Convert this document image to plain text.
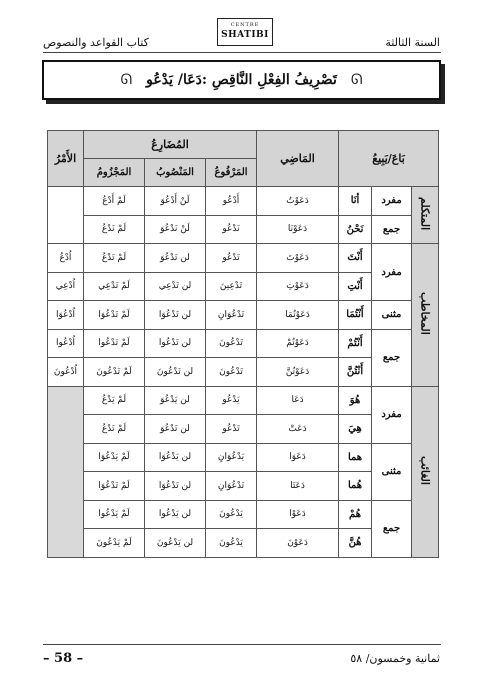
كتاب القواعد والنصوص	السنة الثالثة
CENTRE
SHATIBI
ᘏ تَصْرِيفُ الفِعْلِ النَّاقِصِ :دَعَا/ يَدْعُو ᘏ
بَاعَ/يَبِيعُ			المَاضِي	المُضَارِعُ			الأَمْرُ
				المَرْفُوعُ	المَنْصُوبُ	المَجْزُومُ	
المتكلم	مفرد	أنَا	دَعَوْتُ	أَدْعُو	لَنْ أَدْعُوَ	لَمْ أَدْعُ	
	جمع	نَحْنُ	دَعَوْنَا	نَدْعُو	لَنْ نَدْعُوَ	لَمْ نَدْعُ	
المخاطب	مفرد	أَنْتَ	دَعَوْتَ	تَدْعُو	لن تَدْعُوَ	لَمْ تَدْعُ	اُدْعُ
		أَنْتِ	دَعَوْتِ	تَدْعِينَ	لن تَدْعِي	لَمْ تَدْعِي	اُدْعِي
	مثنى	أَنْتُمَا	دَعَوْتُمَا	تَدْعُوَانِ	لن تَدْعُوَا	لَمْ تَدْعُوَا	اُدْعُوَا
	جمع	أَنْتُمْ	دَعَوْتُمْ	تَدْعُونَ	لن تَدْعُوا	لَمْ تَدْعُوا	اُدْعُوا
		أَنْتُنَّ	دَعَوْتُنَّ	تَدْعُونَ	لن تَدْعُونَ	لَمْ تَدْعُونَ	اُدْعُونَ
الغائب	مفرد	هُوَ	دَعَا	يَدْعُو	لن يَدْعُوَ	لَمْ يَدْعُ	
		هِيَ	دَعَتْ	تَدْعُو	لن تَدْعُوَ	لَمْ تَدْعُ	
	مثنى	هما	دَعَوَا	يَدْعُوَانِ	لن يَدْعُوَا	لَمْ يَدْعُوَا	
		هُما	دَعَتَا	تَدْعُوَانِ	لن تَدْعُوَا	لَمْ تَدْعُوَا	
	جمع	هُمْ	دَعَوْا	يَدْعُونَ	لن يَدْعُوا	لَمْ يَدْعُوا	
		هُنَّ	دَعَوْنَ	يَدْعُونَ	لن يَدْعُونَ	لَمْ يَدْعُونَ	
– 58 –	ثمانية وخمسون/ ٥٨
